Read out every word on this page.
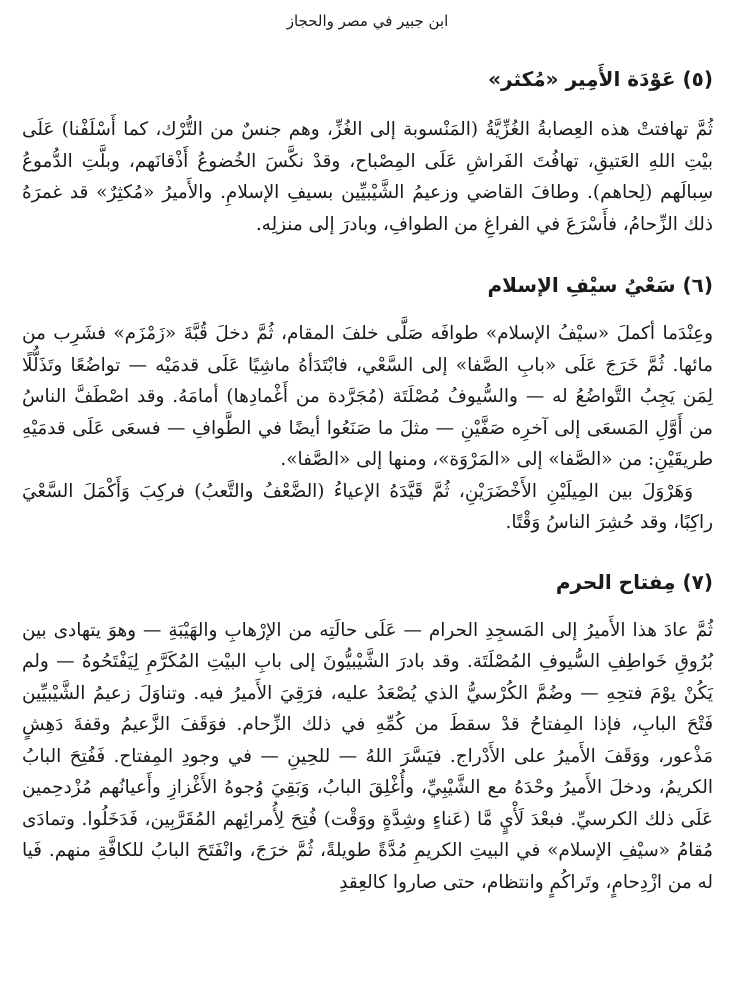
ابن جبير في مصر والحجاز
(٥) عَوْدَة الأَمِير «مُكثر»

ثُمَّ تهافتتْ هذه العِصابةُ الغُزِّيَّةُ (المَنْسوبة إلى الغُزِّ، وهم جنسٌ من التُّرْك، كما أَسْلَفْنا) عَلَى بيْتِ اللهِ العَتيقِ، تهافُتَ الفَراشِ عَلَى المِصْباح، وقدْ نكَّسَ الخُضوعُ أَذْقانَهم، وبلَّتِ الدُّموعُ سِبالَهم (لِحاهم). وطافَ القاضي وزعيمُ الشَّيْبيِّين بسيفِ الإسلامِ. والأَميرُ «مُكثِرٌ» قد غمرَهُ ذلك الزِّحامُ، فأَسْرَعَ في الفراغِ من الطوافِ، وبادرَ إلى منزلِه.

(٦) سَعْيُ سيْفِ الإسلام

وعِنْدَما أكملَ «سيْفُ الإسلام» طوافَه صَلَّى خلفَ المقام، ثُمَّ دخلَ قُبَّةَ «زَمْزَم» فشَرِب من مائها. ثُمَّ خَرَجَ عَلَى «بابِ الصَّفا» إلى السَّعْي، فابْتَدَأهُ ماشِيًا عَلَى قدمَيْه — تواضُعًا وتَذَلُّلًا لِمَن يَجِبُ التَّواضُعُ له — والسُّيوفُ مُصْلَتَة (مُجَرَّدة من أَغْمادِها) أمامَهُ. وقد اصْطَفَّ الناسُ من أَوَّلِ المَسعَى إلى آخرِه صَفَّيْنِ — مثلَ ما صَنَعُوا أيضًا في الطَّوافِ — فسعَى عَلَى قدمَيْهِ طريقَيْنِ: من «الصَّفا» إلى «المَرْوَة»، ومنها إلى «الصَّفا».

وَهَرْوَلَ بين المِيلَيْنِ الأَخْضَرَيْنِ، ثُمَّ قَيَّدَهُ الإعياءُ (الضَّعْفُ والتَّعبُ) فركِبَ وَأَكْمَلَ السَّعْيَ راكِبًا، وقد حُشِرَ الناسُ وَقْتًا.

(٧) مِفتاح الحرم

ثُمَّ عادَ هذا الأَميرُ إلى المَسجِدِ الحرام — عَلَى حالَتِه من الإرْهابِ والهَيْبَةِ — وهوَ يتهادى بين بُرُوقِ خَواطِفِ السُّيوفِ المُصْلَتَة. وقد بادرَ الشَّيْبيُّونَ إلى بابِ البيْتِ المُكَرَّمِ لِيَفْتَحُوهُ — ولم يَكُنْ يوْمَ فتحِهِ — وضُمَّ الكُرْسيُّ الذي يُصْعَدُ عليه، فرَقِيَ الأَميرُ فيه. وتناوَلَ زعيمُ الشَّيْبيِّين فَتْحَ البابِ، فإذا المِفتاحُ قدْ سقطَ من كُمِّهِ في ذلك الزِّحام. فوَقَفَ الزَّعيمُ وقفةَ دَهِشٍ مَذْعور، ووَقَفَ الأَميرُ على الأَدْراج. فيَسَّرَ اللهُ — للحِينِ — في وجودِ المِفتاح. فَفُتِحَ البابُ الكريمُ، ودخلَ الأَميرُ وحْدَهُ مع الشَّيْبِيِّ، وأُغْلِقَ البابُ، وَبَقِيَ وُجوهُ الأَغْزازِ وأَعيانُهم مُزْدحِمين عَلَى ذلك الكرسيِّ. فبعْدَ لَأْيٍ مَّا (عَناءٍ وشِدَّةٍ ووَقْت) فُتِحَ لِأُمرائِهم المُقَرَّبِين، فَدَخَلُوا. وتمادَى مُقامُ «سيْفِ الإسلام» في البيتِ الكريمِ مُدَّةً طويلةً، ثُمَّ خرَجَ، وانْفَتَحَ البابُ للكافَّةِ منهم. فَيا له من ازْدِحامٍ، وتَراكُمٍ وانتظام، حتى صاروا كالعِقدِ
